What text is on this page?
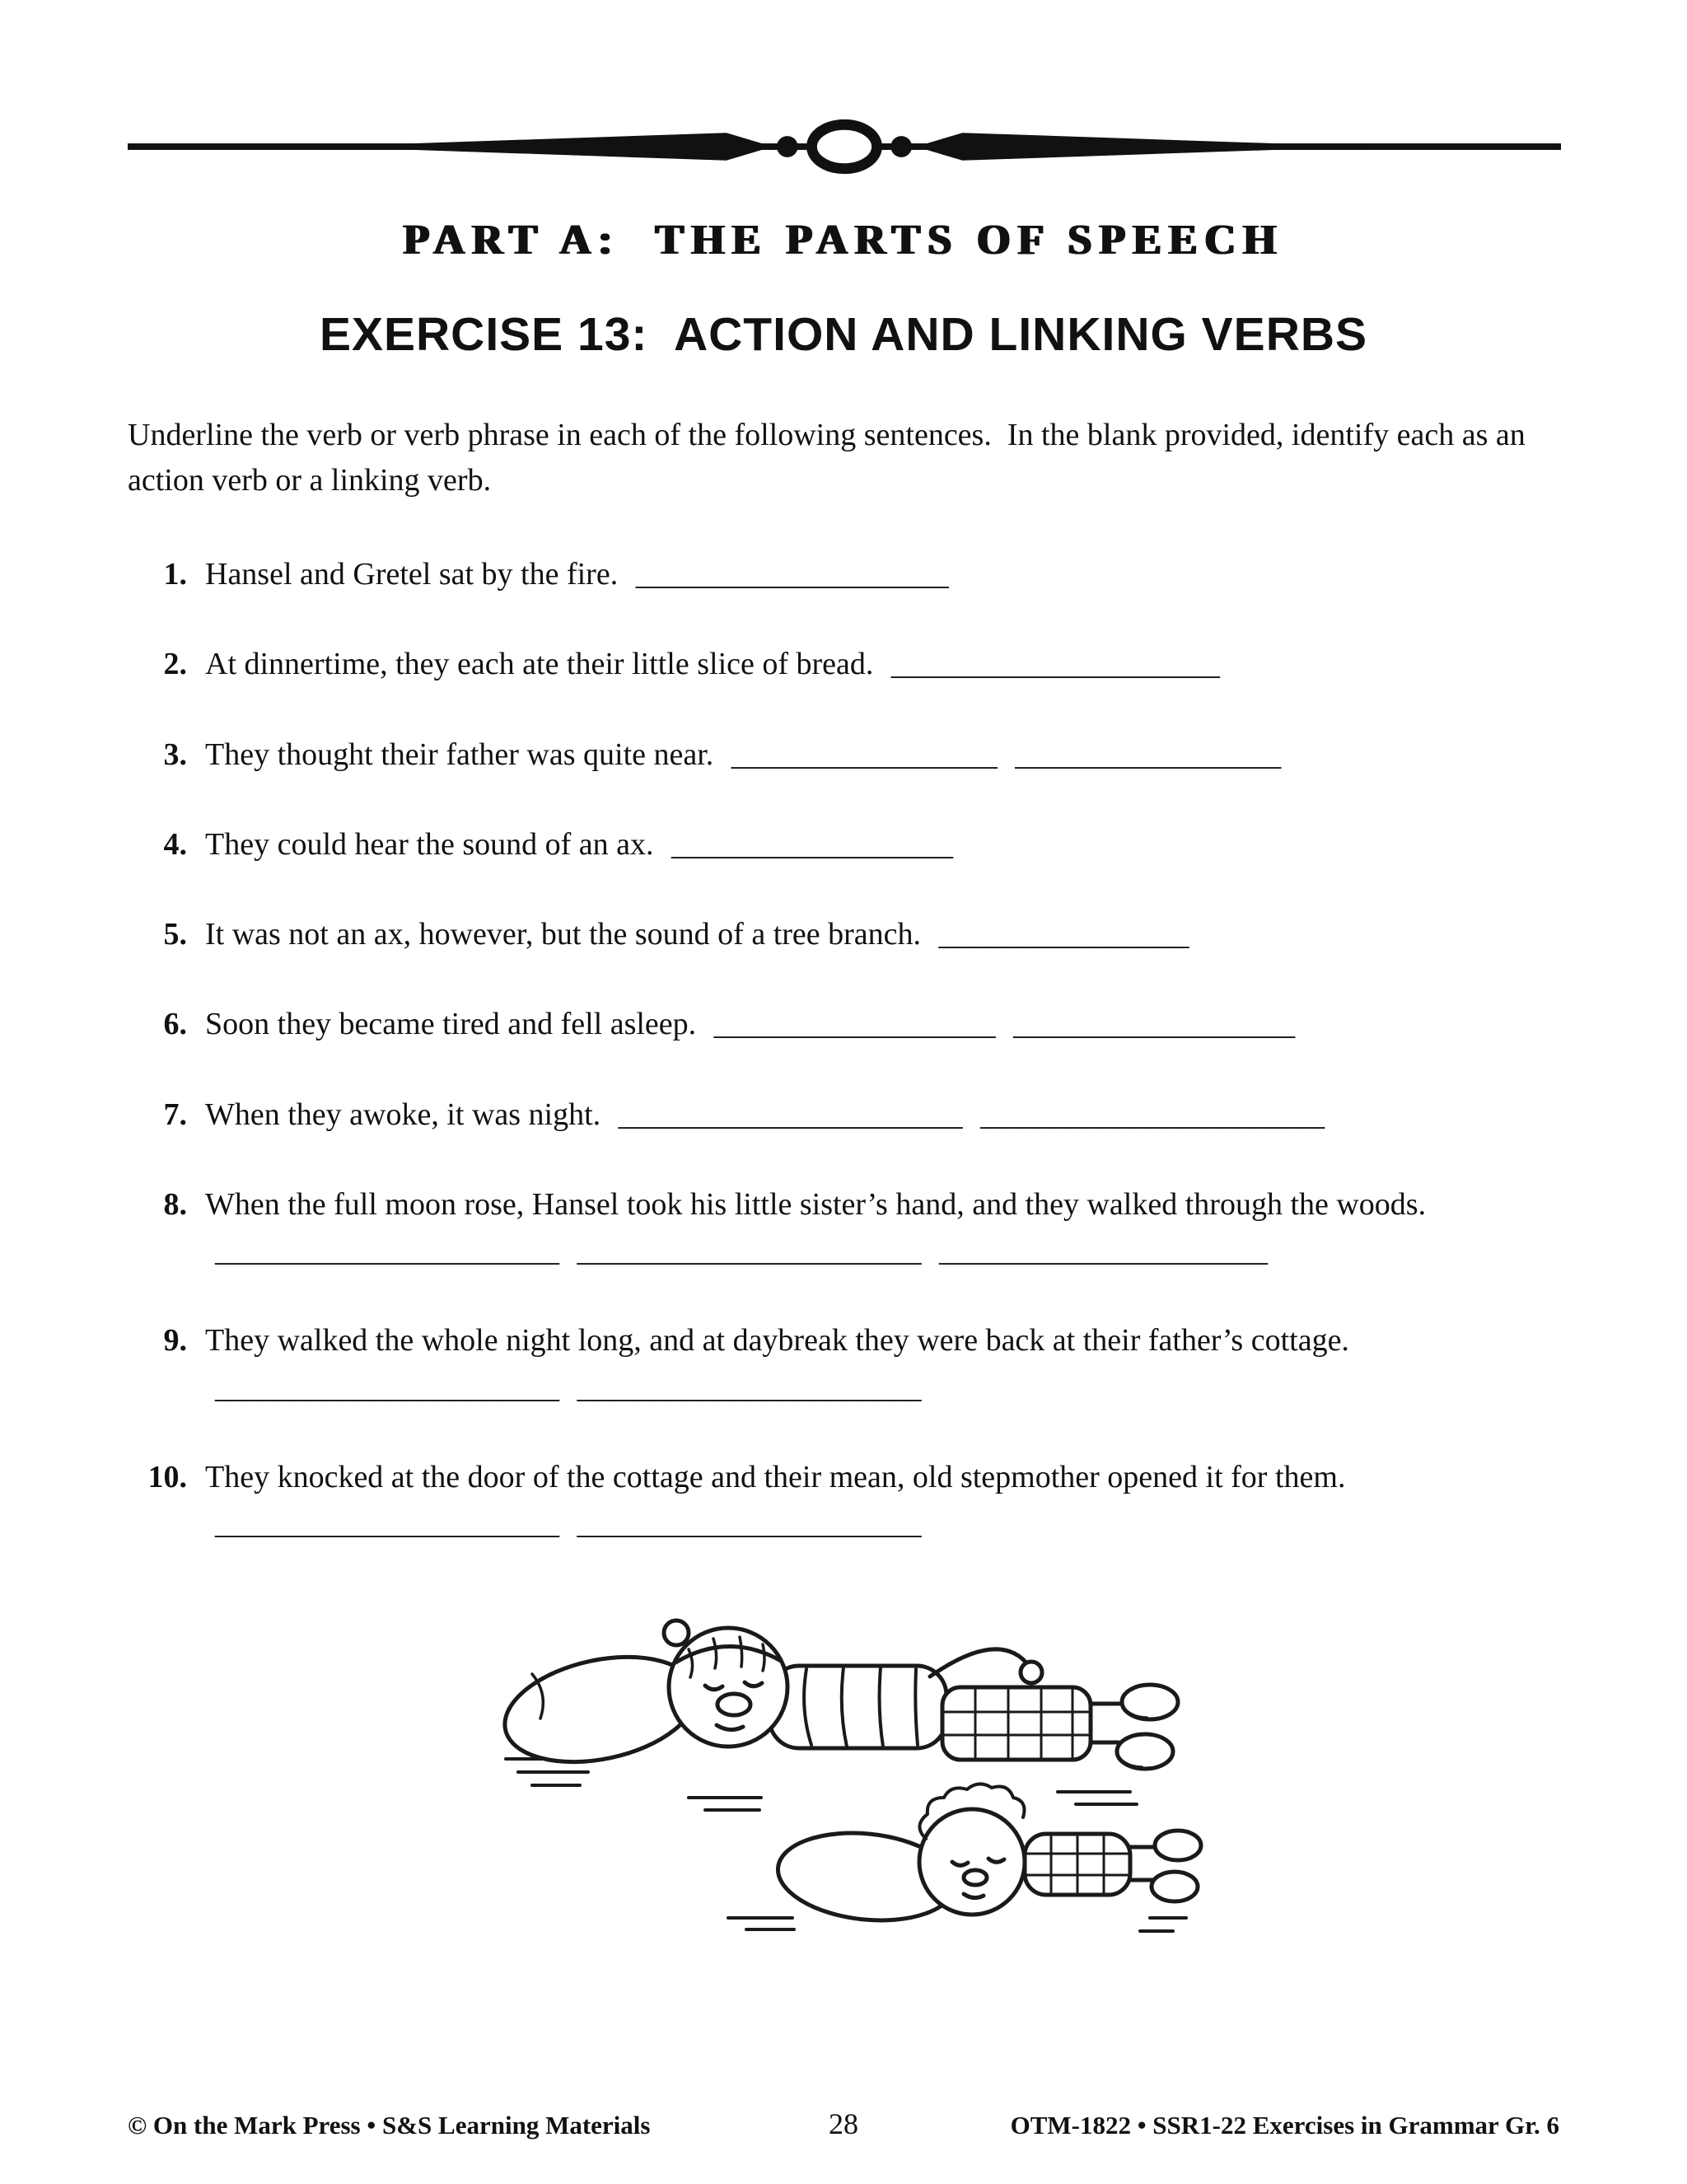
PART A:  THE PARTS OF SPEECH
EXERCISE 13:  ACTION AND LINKING VERBS
Underline the verb or verb phrase in each of the following sentences.  In the blank provided, identify each as an action verb or a linking verb.
1. Hansel and Gretel sat by the fire. ____________________
2. At dinnertime, they each ate their little slice of bread. _____________________
3. They thought their father was quite near. _________________ _________________
4. They could hear the sound of an ax. __________________
5. It was not an ax, however, but the sound of a tree branch. ________________
6. Soon they became tired and fell asleep. __________________ __________________
7. When they awoke, it was night. ______________________ ______________________
8. When the full moon rose, Hansel took his little sister’s hand, and they walked through the woods. ______________________ ______________________ _____________________
9. They walked the whole night long, and at daybreak they were back at their father’s cottage. ______________________ ______________________
10. They knocked at the door of the cottage and their mean, old stepmother opened it for them. ______________________ ______________________
© On the Mark Press • S&S Learning Materials	28	OTM-1822 • SSR1-22 Exercises in Grammar Gr. 6
